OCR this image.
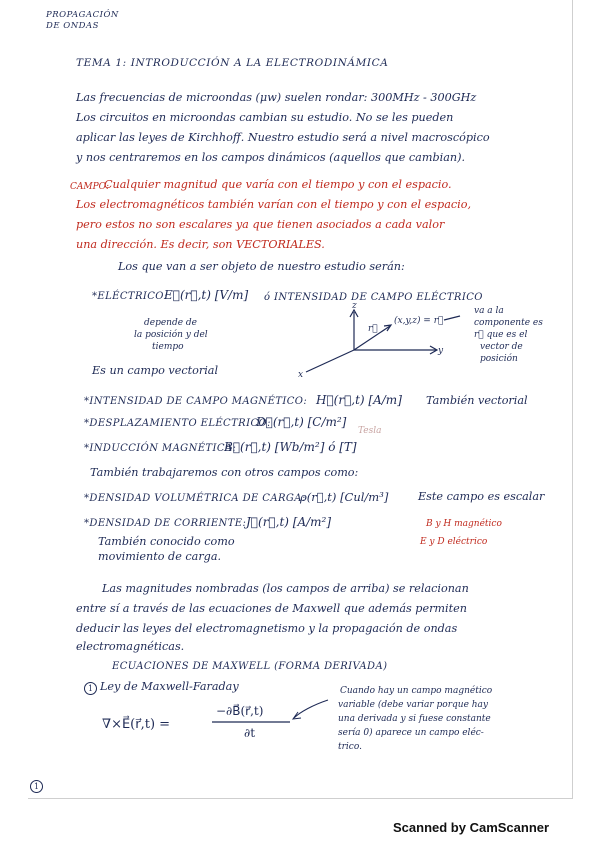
PROPAGACIÓN
DE ONDAS
TEMA 1: INTRODUCCIÓN A LA ELECTRODINÁMICA
Las frecuencias de microondas (μw) suelen rondar: 300MHz - 300GHz
Los circuitos en microondas cambian su estudio. No se les pueden
aplicar las leyes de Kirchhoff. Nuestro estudio será a nivel macroscópico
y nos centraremos en los campos dinámicos (aquellos que cambian).
CAMPO:
Cualquier magnitud que varía con el tiempo y con el espacio.
Los electromagnéticos también varían con el tiempo y con el espacio,
pero estos no son escalares ya que tienen asociados a cada valor
una dirección. Es decir, son VECTORIALES.
Los que van a ser objeto de nuestro estudio serán:
*ELÉCTRICO:
E⃗(r⃗,t) [V/m] ó INTENSIDAD DE CAMPO ELÉCTRICO
depende de
la posición y del
tiempo
Es un campo vectorial
z
y
x
r⃗
(x,y,z) = r⃗
va a la
componente es
r⃗ que es el
vector de
posición
*INTENSIDAD DE CAMPO MAGNÉTICO: H⃗(r⃗,t) [A/m] También vectorial
*DESPLAZAMIENTO ELÉCTRICO:
D⃗(r⃗,t) [C/m²]
*INDUCCIÓN MAGNÉTICA:
B⃗(r⃗,t) [Wb/m²] ó [T]
Tesla
También trabajaremos con otros campos como:
*DENSIDAD VOLUMÉTRICA DE CARGA:
ρ(r⃗,t) [Cul/m³]	Este campo es escalar
*DENSIDAD DE CORRIENTE: J⃗(r⃗,t) [A/m²]	B y H magnético
E y D eléctrico
También conocido como
movimiento de carga.
Las magnitudes nombradas (los campos de arriba) se relacionan
entre sí a través de las ecuaciones de Maxwell que además permiten
deducir las leyes del electromagnetismo y la propagación de ondas
electromagnéticas.
ECUACIONES DE MAXWELL (FORMA DERIVADA)
1 Ley de Maxwell-Faraday
∇×E⃗(r⃗,t) =
−∂B⃗(r⃗,t)
∂t
Cuando hay un campo magnético
variable (debe variar porque hay
una derivada y si fuese constante
sería 0) aparece un campo eléc-
trico.
1
Scanned by CamScanner
